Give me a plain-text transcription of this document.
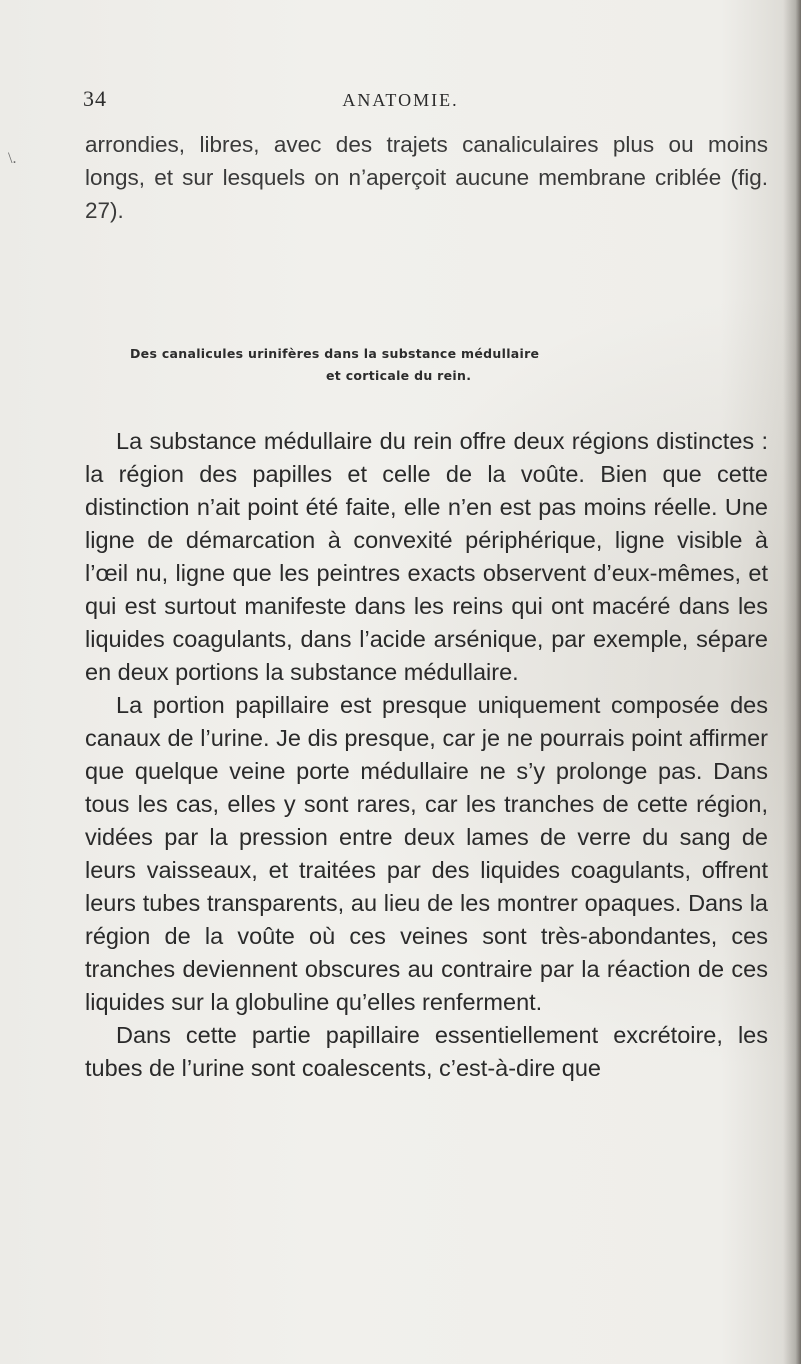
34	ANATOMIE.
\.

arrondies, libres, avec des trajets canaliculaires plus ou moins longs, et sur lesquels on n’aperçoit aucune membrane criblée (fig. 27).

Des canalicules urinifères dans la substance médullaire
et corticale du rein.

La substance médullaire du rein offre deux régions distinctes : la région des papilles et celle de la voûte. Bien que cette distinction n’ait point été faite, elle n’en est pas moins réelle. Une ligne de démarcation à convexité périphérique, ligne visible à l’œil nu, ligne que les peintres exacts observent d’eux-mêmes, et qui est surtout manifeste dans les reins qui ont macéré dans les liquides coagulants, dans l’acide arsénique, par exemple, sépare en deux portions la substance médullaire.

La portion papillaire est presque uniquement composée des canaux de l’urine. Je dis presque, car je ne pourrais point affirmer que quelque veine porte médullaire ne s’y prolonge pas. Dans tous les cas, elles y sont rares, car les tranches de cette région, vidées par la pression entre deux lames de verre du sang de leurs vaisseaux, et traitées par des liquides coagulants, offrent leurs tubes transparents, au lieu de les montrer opaques. Dans la région de la voûte où ces veines sont très-abondantes, ces tranches deviennent obscures au contraire par la réaction de ces liquides sur la globuline qu’elles renferment.

Dans cette partie papillaire essentiellement excrétoire, les tubes de l’urine sont coalescents, c’est-à-dire que
